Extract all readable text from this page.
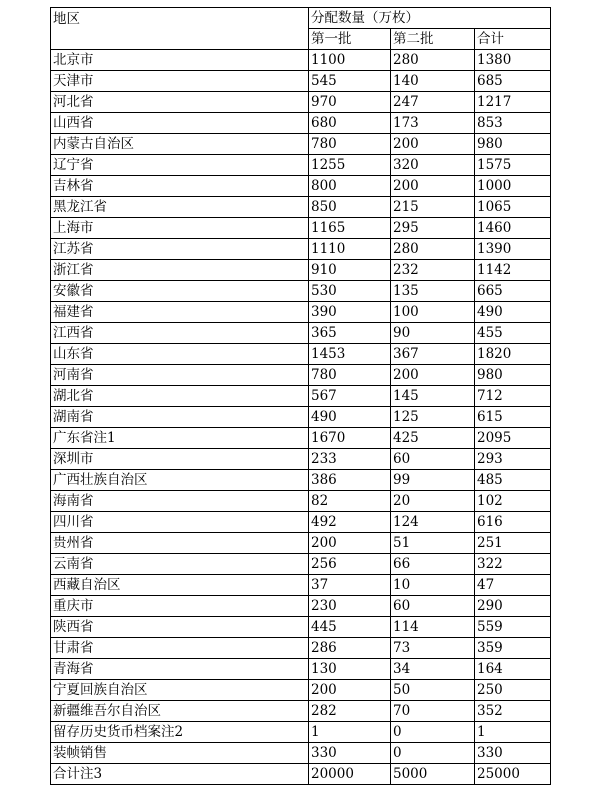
地区	分配数量（万枚）		
	第一批	第二批	合计
北京市	1100	280	1380
天津市	545	140	685
河北省	970	247	1217
山西省	680	173	853
内蒙古自治区	780	200	980
辽宁省	1255	320	1575
吉林省	800	200	1000
黑龙江省	850	215	1065
上海市	1165	295	1460
江苏省	1110	280	1390
浙江省	910	232	1142
安徽省	530	135	665
福建省	390	100	490
江西省	365	90	455
山东省	1453	367	1820
河南省	780	200	980
湖北省	567	145	712
湖南省	490	125	615
广东省注1	1670	425	2095
深圳市	233	60	293
广西壮族自治区	386	99	485
海南省	82	20	102
四川省	492	124	616
贵州省	200	51	251
云南省	256	66	322
西藏自治区	37	10	47
重庆市	230	60	290
陕西省	445	114	559
甘肃省	286	73	359
青海省	130	34	164
宁夏回族自治区	200	50	250
新疆维吾尔自治区	282	70	352
留存历史货币档案注2	1	0	1
装帧销售	330	0	330
合计注3	20000	5000	25000
